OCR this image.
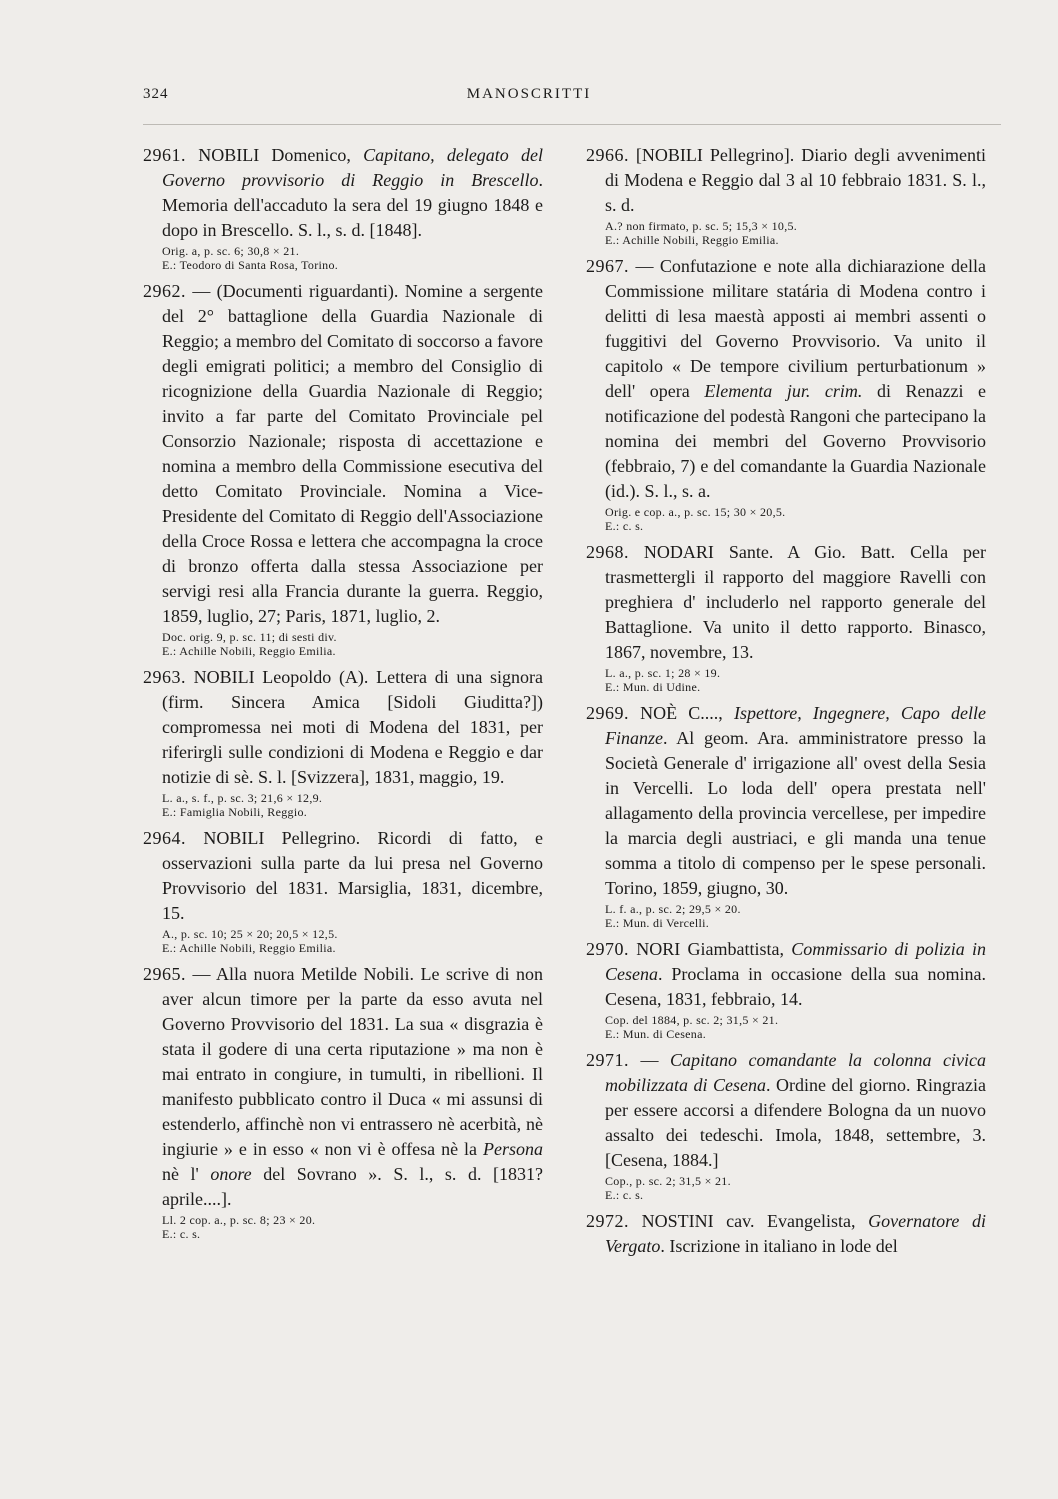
324	MANOSCRITTI
2961. NOBILI Domenico, Capitano, delegato del Governo provvisorio di Reggio in Brescello. Memoria dell'accaduto la sera del 19 giugno 1848 e dopo in Brescello. S. l., s. d. [1848].
Orig. a, p. sc. 6; 30,8 × 21.
E.: Teodoro di Santa Rosa, Torino.
2962. — (Documenti riguardanti). Nomine a sergente del 2° battaglione della Guardia Nazionale di Reggio; a membro del Comitato di soccorso a favore degli emigrati politici; a membro del Consiglio di ricognizione della Guardia Nazionale di Reggio; invito a far parte del Comitato Provinciale pel Consorzio Nazionale; risposta di accettazione e nomina a membro della Commissione esecutiva del detto Comitato Provinciale. Nomina a Vice-Presidente del Comitato di Reggio dell'Associazione della Croce Rossa e lettera che accompagna la croce di bronzo offerta dalla stessa Associazione per servigi resi alla Francia durante la guerra. Reggio, 1859, luglio, 27; Paris, 1871, luglio, 2.
Doc. orig. 9, p. sc. 11; di sesti div.
E.: Achille Nobili, Reggio Emilia.
2963. NOBILI Leopoldo (A). Lettera di una signora (firm. Sincera Amica [Sidoli Giuditta?]) compromessa nei moti di Modena del 1831, per riferirgli sulle condizioni di Modena e Reggio e dar notizie di sè. S. l. [Svizzera], 1831, maggio, 19.
L. a., s. f., p. sc. 3; 21,6 × 12,9.
E.: Famiglia Nobili, Reggio.
2964. NOBILI Pellegrino. Ricordi di fatto, e osservazioni sulla parte da lui presa nel Governo Provvisorio del 1831. Marsiglia, 1831, dicembre, 15.
A., p. sc. 10; 25 × 20; 20,5 × 12,5.
E.: Achille Nobili, Reggio Emilia.
2965. — Alla nuora Metilde Nobili. Le scrive di non aver alcun timore per la parte da esso avuta nel Governo Provvisorio del 1831. La sua « disgrazia è stata il godere di una certa riputazione » ma non è mai entrato in congiure, in tumulti, in ribellioni. Il manifesto pubblicato contro il Duca « mi assunsi di estenderlo, affinchè non vi entrassero nè acerbità, nè ingiurie » e in esso « non vi è offesa nè la Persona nè l' onore del Sovrano ». S. l., s. d. [1831? aprile....].
Ll. 2 cop. a., p. sc. 8; 23 × 20.
E.: c. s.
2966. [NOBILI Pellegrino]. Diario degli avvenimenti di Modena e Reggio dal 3 al 10 febbraio 1831. S. l., s. d.
A.? non firmato, p. sc. 5; 15,3 × 10,5.
E.: Achille Nobili, Reggio Emilia.
2967. — Confutazione e note alla dichiarazione della Commissione militare statária di Modena contro i delitti di lesa maestà apposti ai membri assenti o fuggitivi del Governo Provvisorio. Va unito il capitolo « De tempore civilium perturbationum » dell' opera Elementa jur. crim. di Renazzi e notificazione del podestà Rangoni che partecipano la nomina dei membri del Governo Provvisorio (febbraio, 7) e del comandante la Guardia Nazionale (id.). S. l., s. a.
Orig. e cop. a., p. sc. 15; 30 × 20,5.
E.: c. s.
2968. NODARI Sante. A Gio. Batt. Cella per trasmettergli il rapporto del maggiore Ravelli con preghiera d' includerlo nel rapporto generale del Battaglione. Va unito il detto rapporto. Binasco, 1867, novembre, 13.
L. a., p. sc. 1; 28 × 19.
E.: Mun. di Udine.
2969. NOÈ C...., Ispettore, Ingegnere, Capo delle Finanze. Al geom. Ara. amministratore presso la Società Generale d' irrigazione all' ovest della Sesia in Vercelli. Lo loda dell' opera prestata nell' allagamento della provincia vercellese, per impedire la marcia degli austriaci, e gli manda una tenue somma a titolo di compenso per le spese personali. Torino, 1859, giugno, 30.
L. f. a., p. sc. 2; 29,5 × 20.
E.: Mun. di Vercelli.
2970. NORI Giambattista, Commissario di polizia in Cesena. Proclama in occasione della sua nomina. Cesena, 1831, febbraio, 14.
Cop. del 1884, p. sc. 2; 31,5 × 21.
E.: Mun. di Cesena.
2971. — Capitano comandante la colonna civica mobilizzata di Cesena. Ordine del giorno. Ringrazia per essere accorsi a difendere Bologna da un nuovo assalto dei tedeschi. Imola, 1848, settembre, 3. [Cesena, 1884.]
Cop., p. sc. 2; 31,5 × 21.
E.: c. s.
2972. NOSTINI cav. Evangelista, Governatore di Vergato. Iscrizione in italiano in lode del
